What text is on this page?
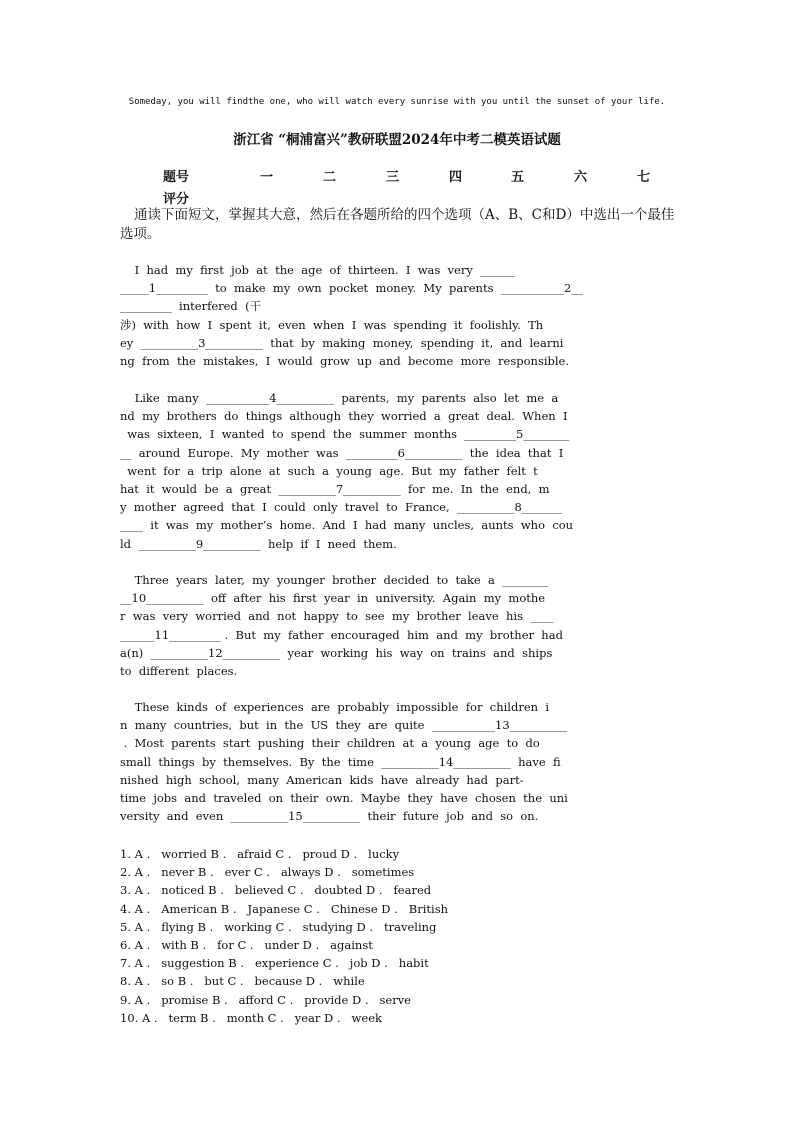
Someday, you will findthe one, who will watch every sunrise with you until the sunset of your life.
浙江省 “桐浦富兴”教研联盟2024年中考二模英语试题
题号	一	二	三	四	五	六	七
评分
通读下面短文，掌握其大意，然后在各题所给的四个选项（A、B、C和D）中选出一个最佳选项。
I  had  my  first  job  at  the  age  of  thirteen.  I  was  very  ______
_____1_________  to  make  my  own  pocket  money.  My  parents  ___________2__
_________  interfered  (干
涉)  with  how  I  spent  it,  even  when  I  was  spending  it  foolishly.  Th
ey  __________3__________  that  by  making  money,  spending  it,  and  learni
ng  from  the  mistakes,  I  would  grow  up  and  become  more  responsible.
Like  many  ___________4__________  parents,  my  parents  also  let  me  a
nd  my  brothers  do  things  although  they  worried  a  great  deal.  When  I
was  sixteen,  I  wanted  to  spend  the  summer  months  _________5________
__  around  Europe.  My  mother  was  _________6__________  the  idea  that  I
went  for  a  trip  alone  at  such  a  young  age.  But  my  father  felt  t
hat  it  would  be  a  great  __________7__________  for  me.  In  the  end,  m
y  mother  agreed  that  I  could  only  travel  to  France,  __________8_______
____  it  was  my  mother’s  home.  And  I  had  many  uncles,  aunts  who  cou
ld  __________9__________  help  if  I  need  them.
Three  years  later,  my  younger  brother  decided  to  take  a  ________
__10__________  off  after  his  first  year  in  university.  Again  my  mothe
r  was  very  worried  and  not  happy  to  see  my  brother  leave  his  ____
______11_________ .  But  my  father  encouraged  him  and  my  brother  had
a(n)  __________12__________  year  working  his  way  on  trains  and  ships
to  different  places.
These  kinds  of  experiences  are  probably  impossible  for  children  i
n  many  countries,  but  in  the  US  they  are  quite  ___________13__________
.  Most  parents  start  pushing  their  children  at  a  young  age  to  do
small  things  by  themselves.  By  the  time  __________14__________  have  fi
nished  high  school,  many  American  kids  have  already  had  part-
time  jobs  and  traveled  on  their  own.  Maybe  they  have  chosen  the  uni
versity  and  even  __________15__________  their  future  job  and  so  on.
1. A .   worried B .   afraid C .   proud D .   lucky
2. A .   never B .   ever C .   always D .   sometimes
3. A .   noticed B .   believed C .   doubted D .   feared
4. A .   American B .   Japanese C .   Chinese D .   British
5. A .   flying B .   working C .   studying D .   traveling
6. A .   with B .   for C .   under D .   against
7. A .   suggestion B .   experience C .   job D .   habit
8. A .   so B .   but C .   because D .   while
9. A .   promise B .   afford C .   provide D .   serve
10. A .   term B .   month C .   year D .   week
